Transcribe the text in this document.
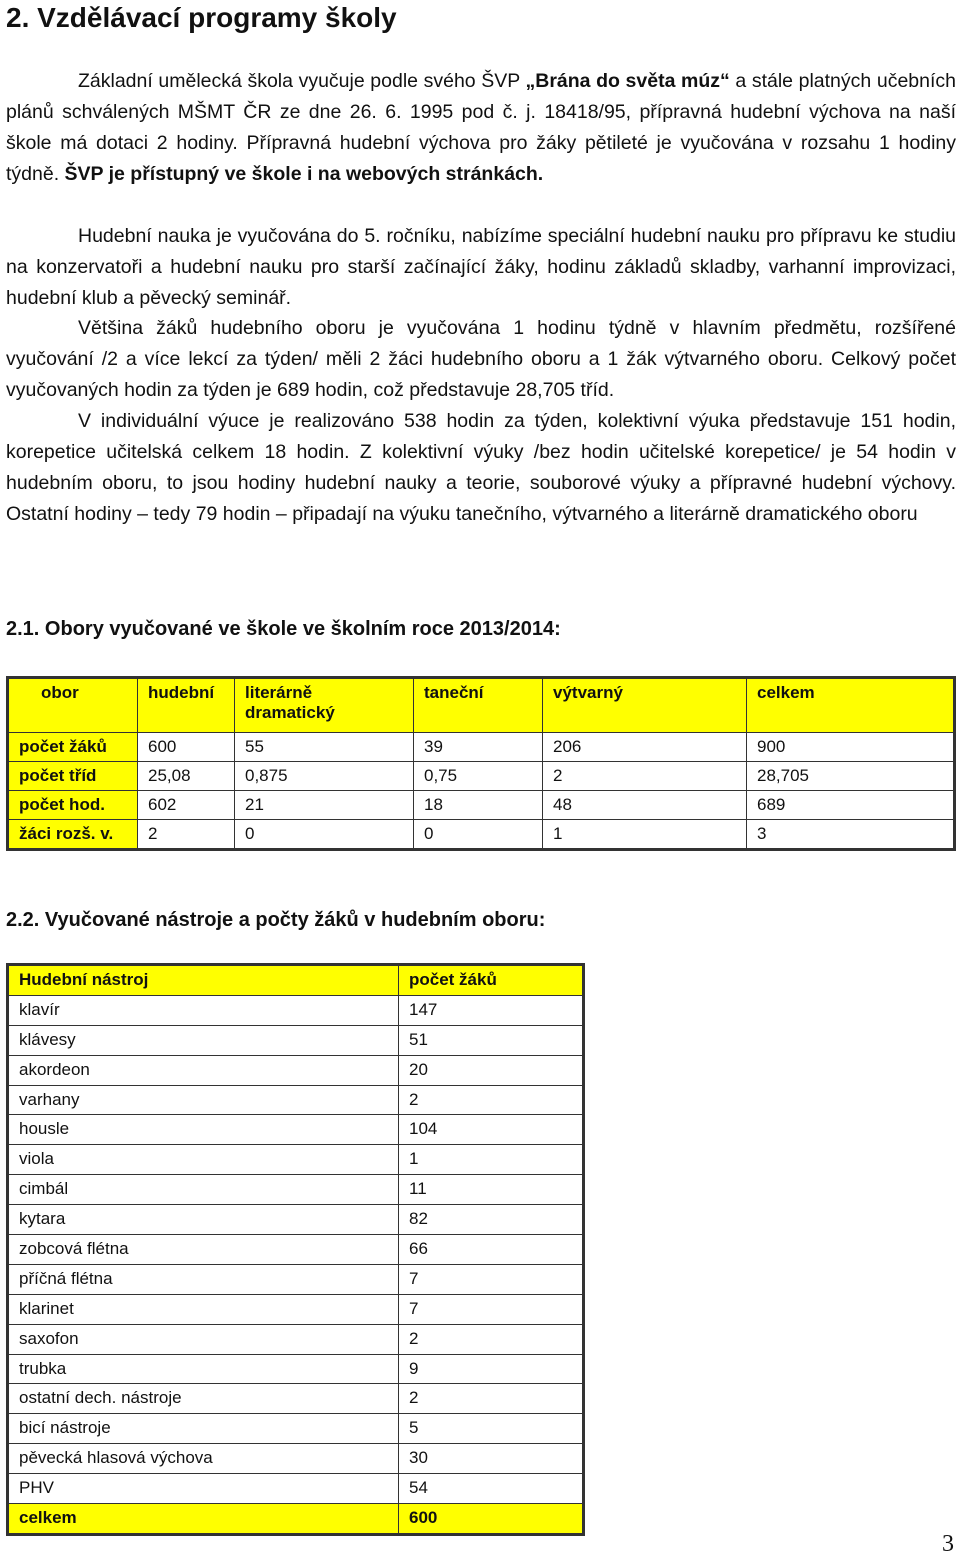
2. Vzdělávací programy školy

Základní umělecká škola vyučuje podle svého ŠVP „Brána do světa múz“ a stále platných učebních plánů schválených MŠMT ČR ze dne 26. 6. 1995 pod č. j. 18418/95, přípravná hudební výchova na naší škole má dotaci 2 hodiny. Přípravná hudební výchova pro žáky pětileté je vyučována v rozsahu 1 hodiny týdně. ŠVP je přístupný ve škole i na webových stránkách.

Hudební nauka je vyučována do 5. ročníku, nabízíme speciální hudební nauku pro přípravu ke studiu na konzervatoři a hudební nauku pro starší začínající žáky, hodinu základů skladby, varhanní improvizaci, hudební klub a pěvecký seminář.

Většina žáků hudebního oboru je vyučována 1 hodinu týdně v hlavním předmětu, rozšířené vyučování /2 a více lekcí za týden/ měli 2 žáci hudebního oboru a 1 žák výtvarného oboru. Celkový počet vyučovaných hodin za týden je 689 hodin, což představuje 28,705 tříd.

V individuální výuce je realizováno 538 hodin za týden, kolektivní výuka představuje 151 hodin, korepetice učitelská celkem 18 hodin. Z kolektivní výuky /bez hodin učitelské korepetice/ je 54 hodin v hudebním oboru, to jsou hodiny hudební nauky a teorie, souborové výuky a přípravné hudební výchovy. Ostatní hodiny – tedy 79 hodin – připadají na výuku tanečního, výtvarného a literárně dramatického oboru

2.1. Obory vyučované ve škole ve školním roce 2013/2014:
obor	hudební	literárně dramatický	taneční	výtvarný	celkem
počet žáků	600	55	39	206	900
počet tříd	25,08	0,875	0,75	2	28,705
počet hod.	602	21	18	48	689
žáci rozš. v.	2	0	0	1	3
2.2. Vyučované nástroje a počty žáků v hudebním oboru:
Hudební nástroj	počet žáků
klavír	147
klávesy	51
akordeon	20
varhany	2
housle	104
viola	1
cimbál	11
kytara	82
zobcová flétna	66
příčná flétna	7
klarinet	7
saxofon	2
trubka	9
ostatní dech. nástroje	2
bicí nástroje	5
pěvecká hlasová výchova	30
PHV	54
celkem	600
3
